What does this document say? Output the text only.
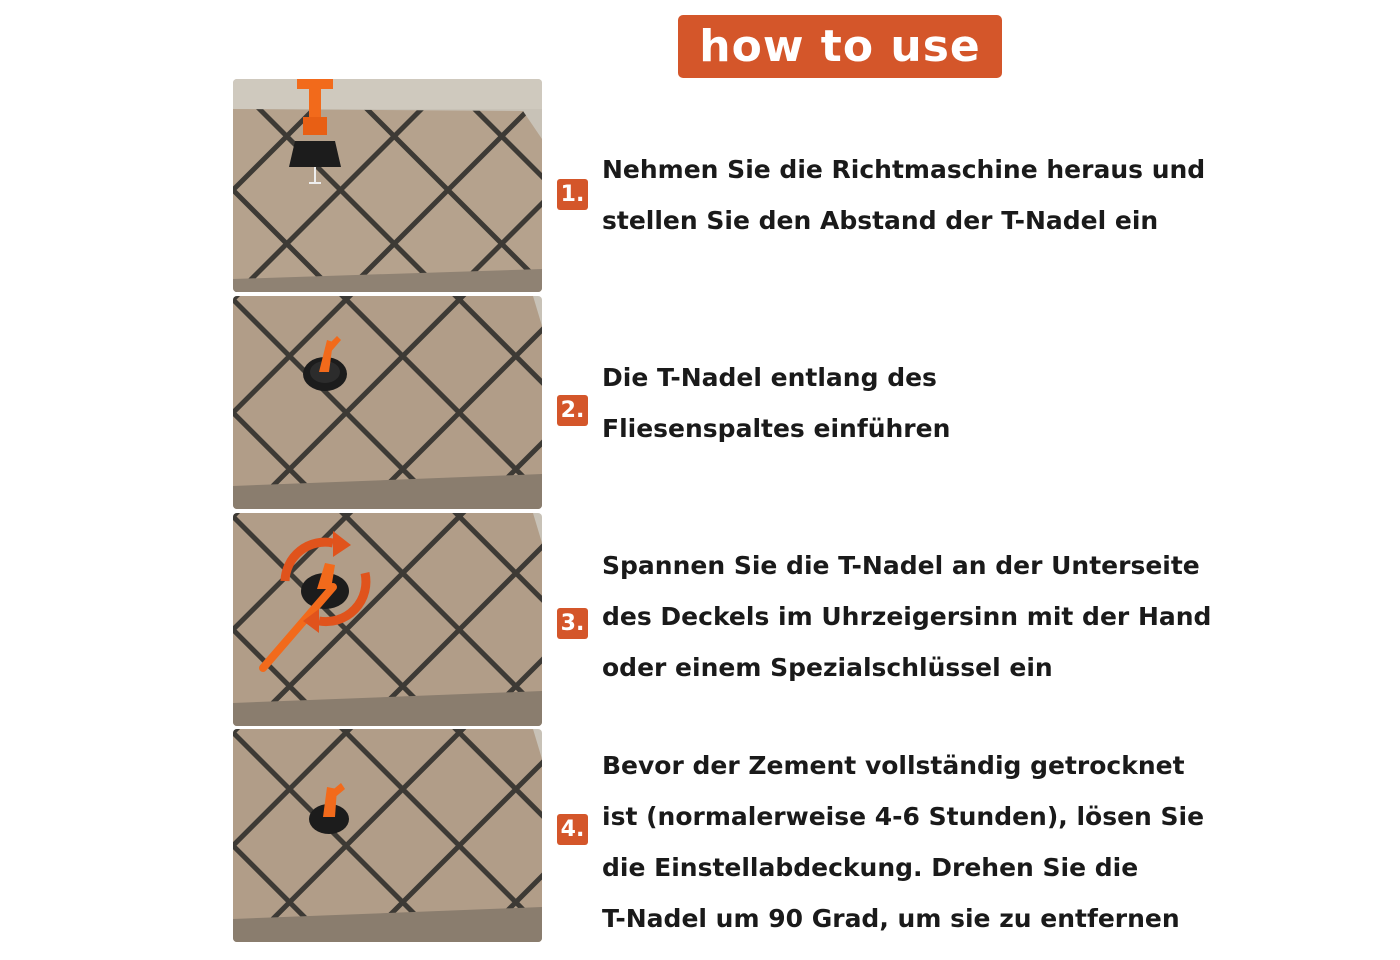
how to use
1.
2.
3.
4.
Nehmen Sie die Richtmaschine heraus und
stellen Sie den Abstand der T-Nadel ein
Die T-Nadel entlang des
Fliesenspaltes einführen
Spannen Sie die T-Nadel an der Unterseite
des Deckels im Uhrzeigersinn mit der Hand
oder einem Spezialschlüssel ein
Bevor der Zement vollständig getrocknet
ist (normalerweise 4-6 Stunden), lösen Sie
die Einstellabdeckung. Drehen Sie die
T-Nadel um 90 Grad, um sie zu entfernen
